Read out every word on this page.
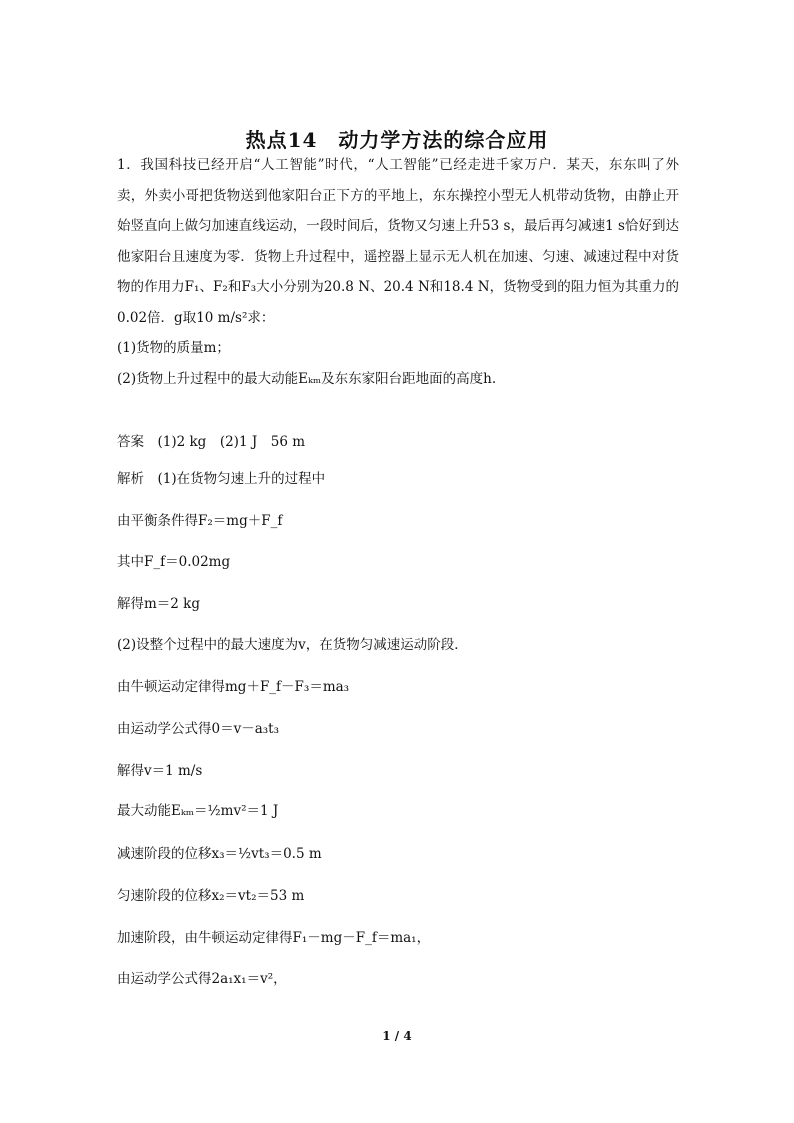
热点14　动力学方法的综合应用

1．我国科技已经开启“人工智能”时代，“人工智能”已经走进千家万户．某天，东东叫了外卖，外卖小哥把货物送到他家阳台正下方的平地上，东东操控小型无人机带动货物，由静止开始竖直向上做匀加速直线运动，一段时间后，货物又匀速上升53 s，最后再匀减速1 s恰好到达他家阳台且速度为零．货物上升过程中，遥控器上显示无人机在加速、匀速、减速过程中对货物的作用力F₁、F₂和F₃大小分别为20.8 N、20.4 N和18.4 N，货物受到的阻力恒为其重力的0.02倍．g取10 m/s²求：

(1)货物的质量m；

(2)货物上升过程中的最大动能Eₖₘ及东东家阳台距地面的高度h.

答案　(1)2 kg　(2)1 J　56 m
解析　(1)在货物匀速上升的过程中
由平衡条件得F₂＝mg＋F_f
其中F_f＝0.02mg
解得m＝2 kg
(2)设整个过程中的最大速度为v，在货物匀减速运动阶段．
由牛顿运动定律得mg＋F_f－F₃＝ma₃
由运动学公式得0＝v－a₃t₃
解得v＝1 m/s
最大动能Eₖₘ＝½mv²＝1 J
减速阶段的位移x₃＝½vt₃＝0.5 m
匀速阶段的位移x₂＝vt₂＝53 m
加速阶段，由牛顿运动定律得F₁－mg－F_f＝ma₁，
由运动学公式得2a₁x₁＝v²，
1 / 4
